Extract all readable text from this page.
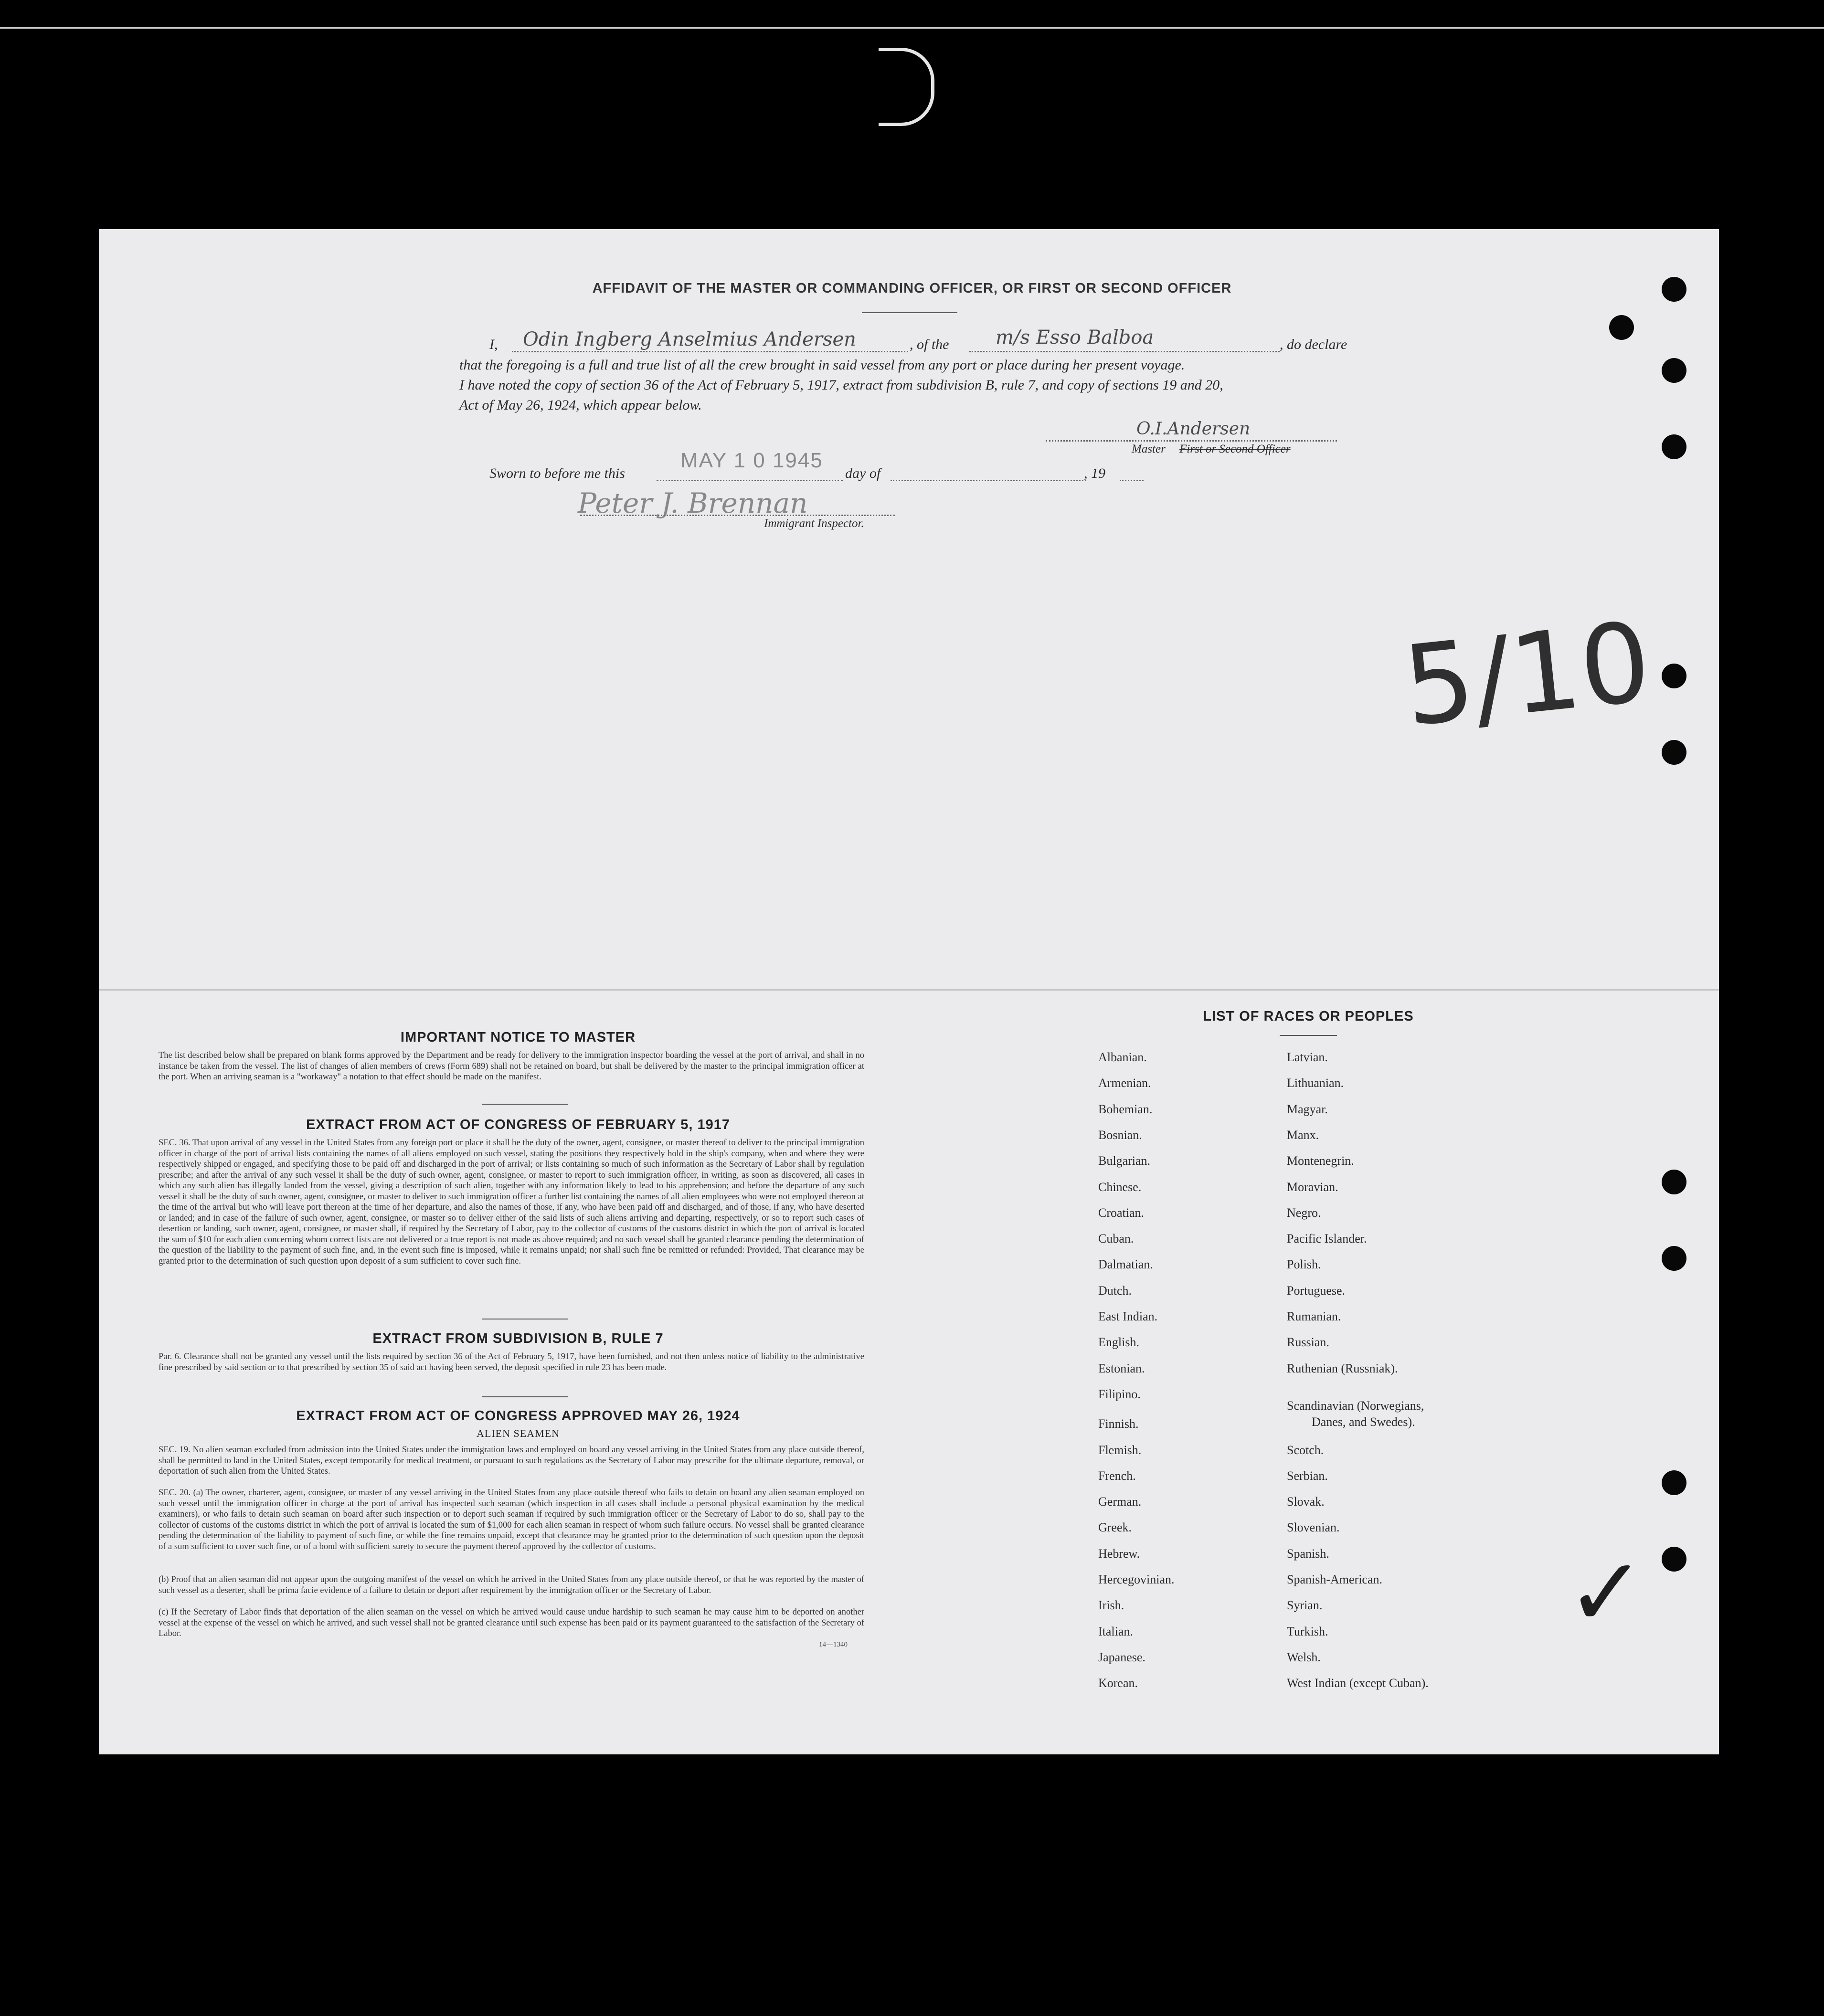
AFFIDAVIT OF THE MASTER OR COMMANDING OFFICER, OR FIRST OR SECOND OFFICER
I, Odin Ingberg Anselmius Andersen	, of the m/s Esso Balboa	, do declare
that the foregoing is a full and true list of all the crew brought in said vessel from any port or place during her present voyage.
I have noted the copy of section 36 of the Act of February 5, 1917, extract from subdivision B, rule 7, and copy of sections 19 and 20,
Act of May 26, 1924, which appear below.
O.I.Andersen
Master First or Second Officer
Sworn to before me this
MAY 1 0 1945
day of	, 19
Peter J. Brennan
Immigrant Inspector.
5/10
✓
IMPORTANT NOTICE TO MASTER
The list described below shall be prepared on blank forms approved by the Department and be ready for delivery to the immigration inspector boarding the vessel at the port of arrival, and shall in no instance be taken from the vessel. The list of changes of alien members of crews (Form 689) shall not be retained on board, but shall be delivered by the master to the principal immigration officer at the port. When an arriving seaman is a "workaway" a notation to that effect should be made on the manifest.
EXTRACT FROM ACT OF CONGRESS OF FEBRUARY 5, 1917
SEC. 36. That upon arrival of any vessel in the United States from any foreign port or place it shall be the duty of the owner, agent, consignee, or master thereof to deliver to the principal immigration officer in charge of the port of arrival lists containing the names of all aliens employed on such vessel, stating the positions they respectively hold in the ship's company, when and where they were respectively shipped or engaged, and specifying those to be paid off and discharged in the port of arrival; or lists containing so much of such information as the Secretary of Labor shall by regulation prescribe; and after the arrival of any such vessel it shall be the duty of such owner, agent, consignee, or master to report to such immigration officer, in writing, as soon as discovered, all cases in which any such alien has illegally landed from the vessel, giving a description of such alien, together with any information likely to lead to his apprehension; and before the departure of any such vessel it shall be the duty of such owner, agent, consignee, or master to deliver to such immigration officer a further list containing the names of all alien employees who were not employed thereon at the time of the arrival but who will leave port thereon at the time of her departure, and also the names of those, if any, who have been paid off and discharged, and of those, if any, who have deserted or landed; and in case of the failure of such owner, agent, consignee, or master so to deliver either of the said lists of such aliens arriving and departing, respectively, or so to report such cases of desertion or landing, such owner, agent, consignee, or master shall, if required by the Secretary of Labor, pay to the collector of customs of the customs district in which the port of arrival is located the sum of $10 for each alien concerning whom correct lists are not delivered or a true report is not made as above required; and no such vessel shall be granted clearance pending the determination of the question of the liability to the payment of such fine, and, in the event such fine is imposed, while it remains unpaid; nor shall such fine be remitted or refunded: Provided, That clearance may be granted prior to the determination of such question upon deposit of a sum sufficient to cover such fine.
EXTRACT FROM SUBDIVISION B, RULE 7
Par. 6. Clearance shall not be granted any vessel until the lists required by section 36 of the Act of February 5, 1917, have been furnished, and not then unless notice of liability to the administrative fine prescribed by said section or to that prescribed by section 35 of said act having been served, the deposit specified in rule 23 has been made.
EXTRACT FROM ACT OF CONGRESS APPROVED MAY 26, 1924
ALIEN SEAMEN
SEC. 19. No alien seaman excluded from admission into the United States under the immigration laws and employed on board any vessel arriving in the United States from any place outside thereof, shall be permitted to land in the United States, except temporarily for medical treatment, or pursuant to such regulations as the Secretary of Labor may prescribe for the ultimate departure, removal, or deportation of such alien from the United States.
SEC. 20. (a) The owner, charterer, agent, consignee, or master of any vessel arriving in the United States from any place outside thereof who fails to detain on board any alien seaman employed on such vessel until the immigration officer in charge at the port of arrival has inspected such seaman (which inspection in all cases shall include a personal physical examination by the medical examiners), or who fails to detain such seaman on board after such inspection or to deport such seaman if required by such immigration officer or the Secretary of Labor to do so, shall pay to the collector of customs of the customs district in which the port of arrival is located the sum of $1,000 for each alien seaman in respect of whom such failure occurs. No vessel shall be granted clearance pending the determination of the liability to payment of such fine, or while the fine remains unpaid, except that clearance may be granted prior to the determination of such question upon the deposit of a sum sufficient to cover such fine, or of a bond with sufficient surety to secure the payment thereof approved by the collector of customs.
(b) Proof that an alien seaman did not appear upon the outgoing manifest of the vessel on which he arrived in the United States from any place outside thereof, or that he was reported by the master of such vessel as a deserter, shall be prima facie evidence of a failure to detain or deport after requirement by the immigration officer or the Secretary of Labor.
(c) If the Secretary of Labor finds that deportation of the alien seaman on the vessel on which he arrived would cause undue hardship to such seaman he may cause him to be deported on another vessel at the expense of the vessel on which he arrived, and such vessel shall not be granted clearance until such expense has been paid or its payment guaranteed to the satisfaction of the Secretary of Labor.
14—1340
LIST OF RACES OR PEOPLES
Albanian.
Armenian.
Bohemian.
Bosnian.
Bulgarian.
Chinese.
Croatian.
Cuban.
Dalmatian.
Dutch.
East Indian.
English.
Estonian.
Filipino.
Finnish.
Flemish.
French.
German.
Greek.
Hebrew.
Hercegovinian.
Irish.
Italian.
Japanese.
Korean.
Latvian.
Lithuanian.
Magyar.
Manx.
Montenegrin.
Moravian.
Negro.
Pacific Islander.
Polish.
Portuguese.
Rumanian.
Russian.
Ruthenian (Russniak).
Scandinavian (Norwegians,
Danes, and Swedes).
Scotch.
Serbian.
Slovak.
Slovenian.
Spanish.
Spanish-American.
Syrian.
Turkish.
Welsh.
West Indian (except Cuban).
